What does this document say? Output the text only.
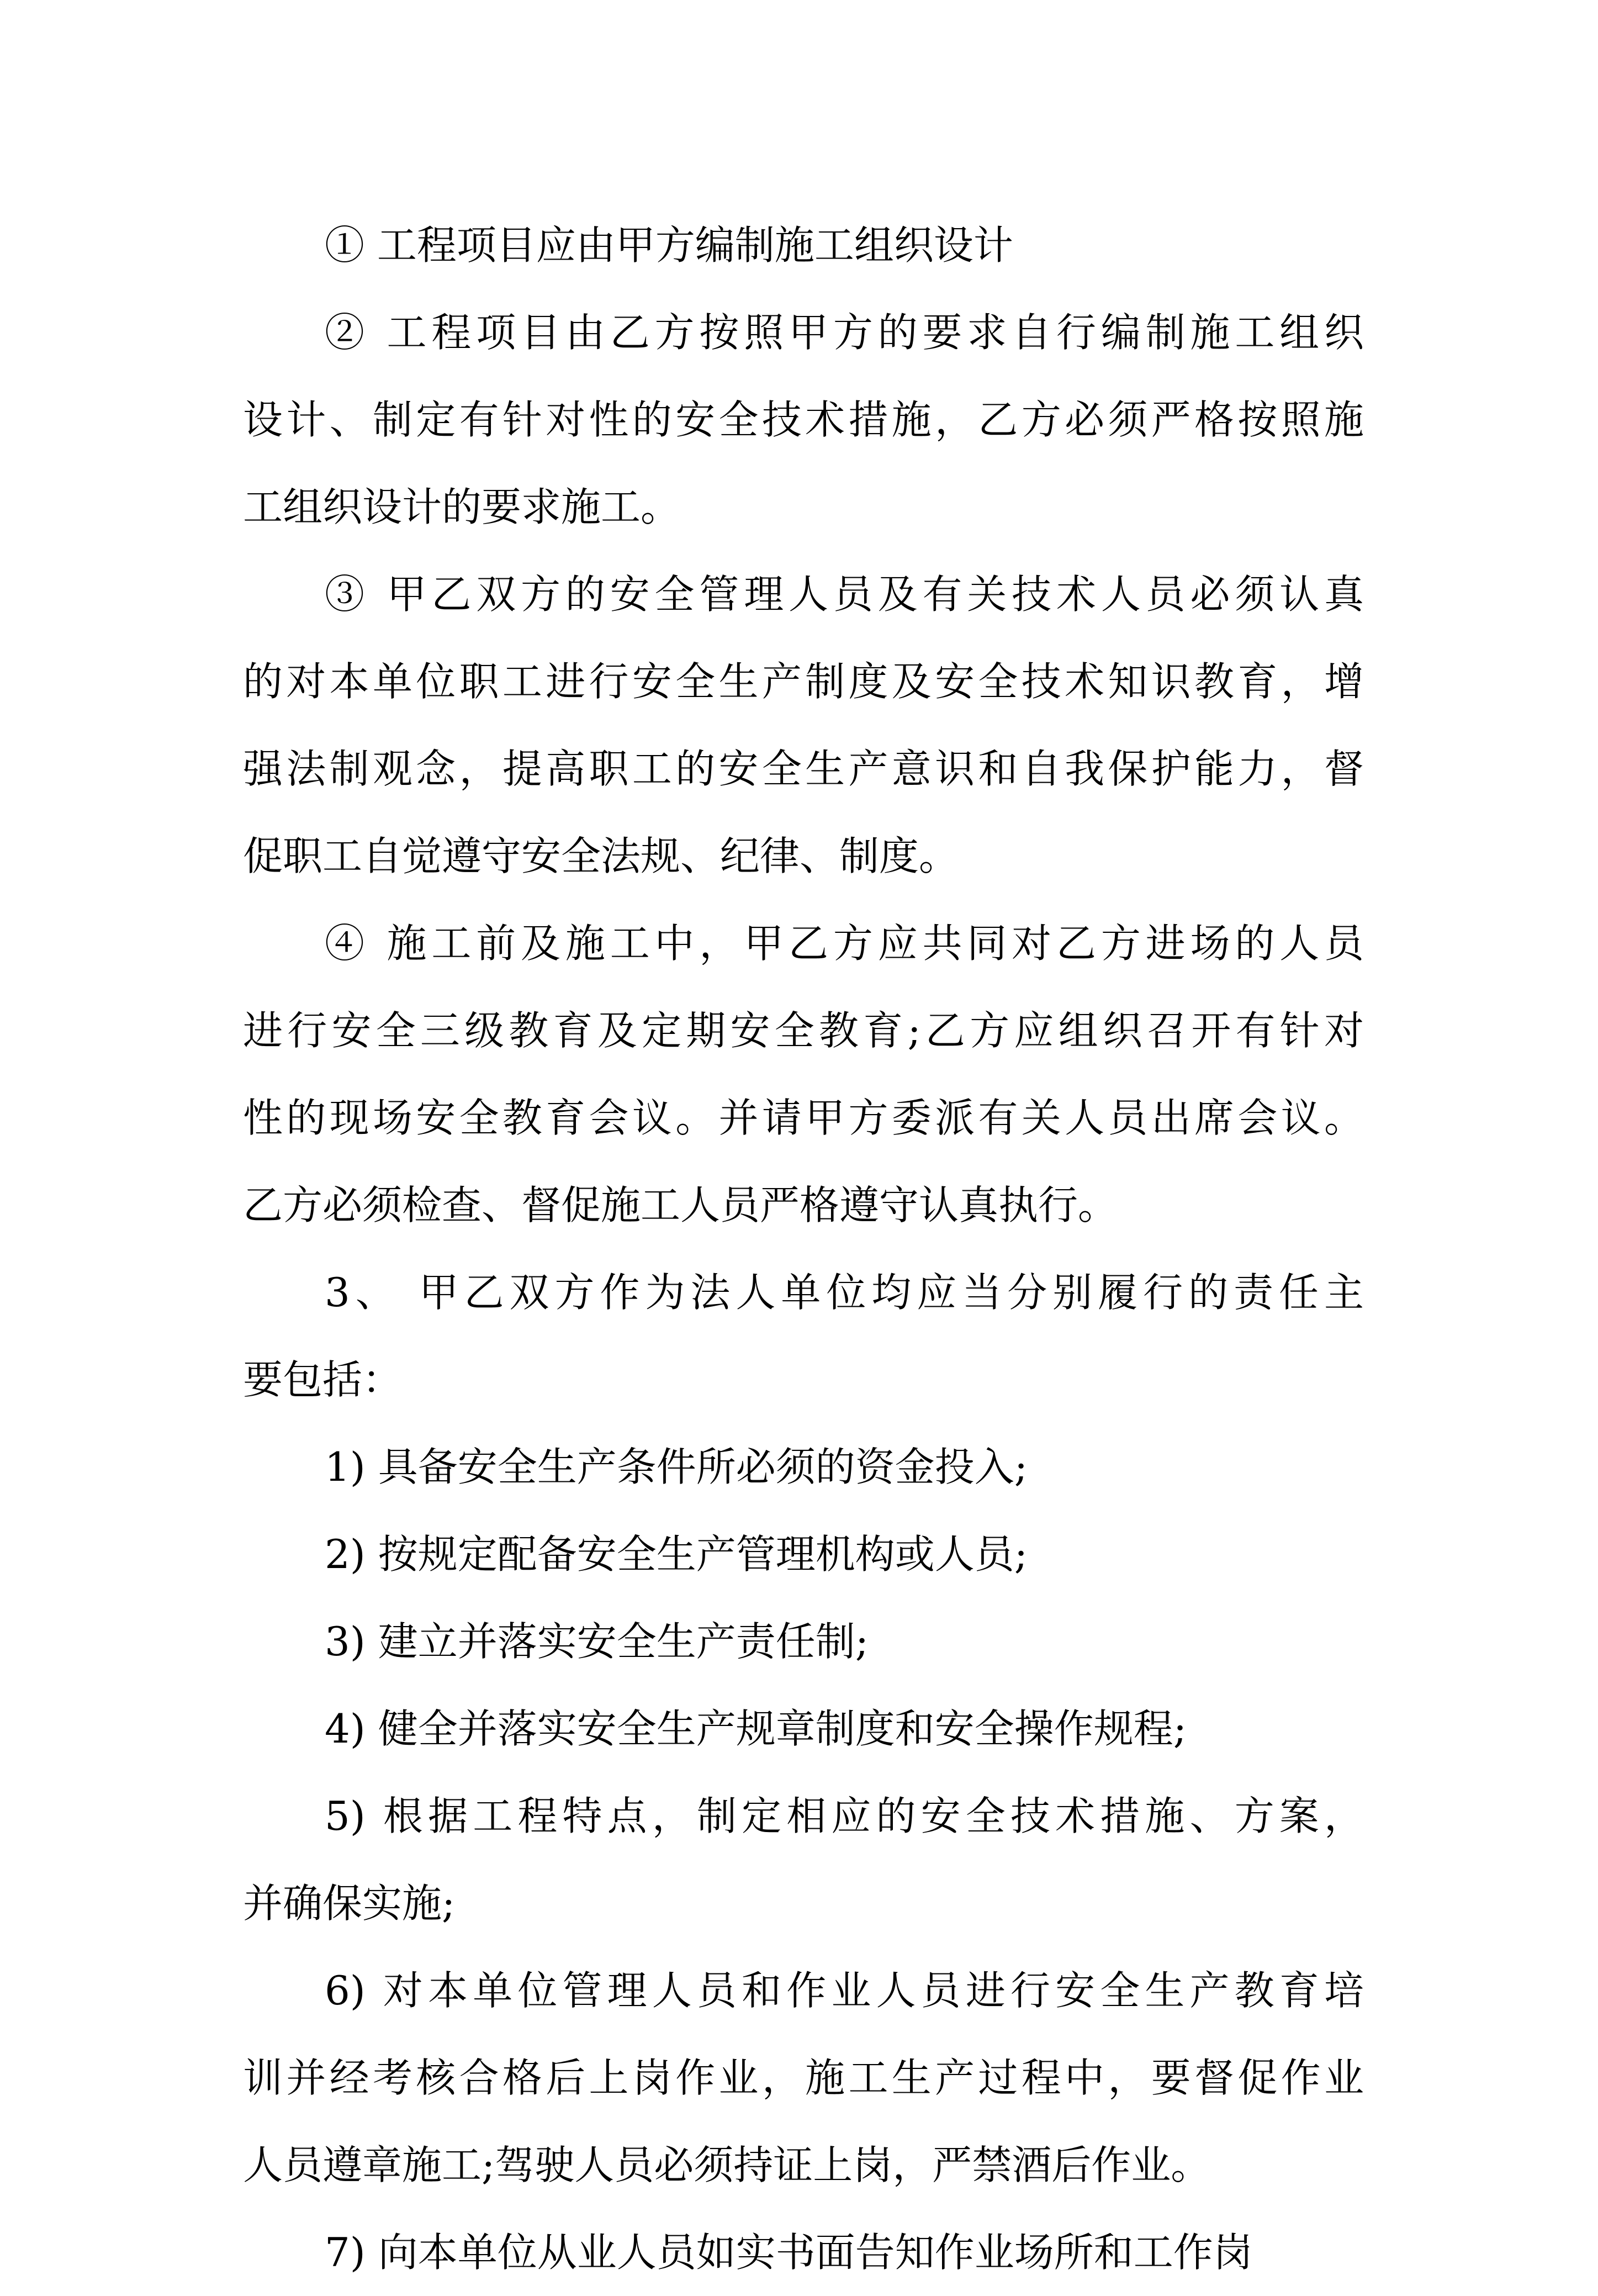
① 工程项目应由甲方编制施工组织设计
② 工程项目由乙方按照甲方的要求自行编制施工组织
设计、制定有针对性的安全技术措施，乙方必须严格按照施
工组织设计的要求施工。
③ 甲乙双方的安全管理人员及有关技术人员必须认真
的对本单位职工进行安全生产制度及安全技术知识教育，增
强法制观念，提高职工的安全生产意识和自我保护能力，督
促职工自觉遵守安全法规、纪律、制度。
④ 施工前及施工中，甲乙方应共同对乙方进场的人员
进行安全三级教育及定期安全教育;乙方应组织召开有针对
性的现场安全教育会议。并请甲方委派有关人员出席会议。
乙方必须检查、督促施工人员严格遵守认真执行。
3、 甲乙双方作为法人单位均应当分别履行的责任主
要包括：
1) 具备安全生产条件所必须的资金投入;
2) 按规定配备安全生产管理机构或人员;
3) 建立并落实安全生产责任制;
4) 健全并落实安全生产规章制度和安全操作规程;
5) 根据工程特点，制定相应的安全技术措施、方案，
并确保实施;
6) 对本单位管理人员和作业人员进行安全生产教育培
训并经考核合格后上岗作业，施工生产过程中，要督促作业
人员遵章施工;驾驶人员必须持证上岗，严禁酒后作业。
7) 向本单位从业人员如实书面告知作业场所和工作岗
